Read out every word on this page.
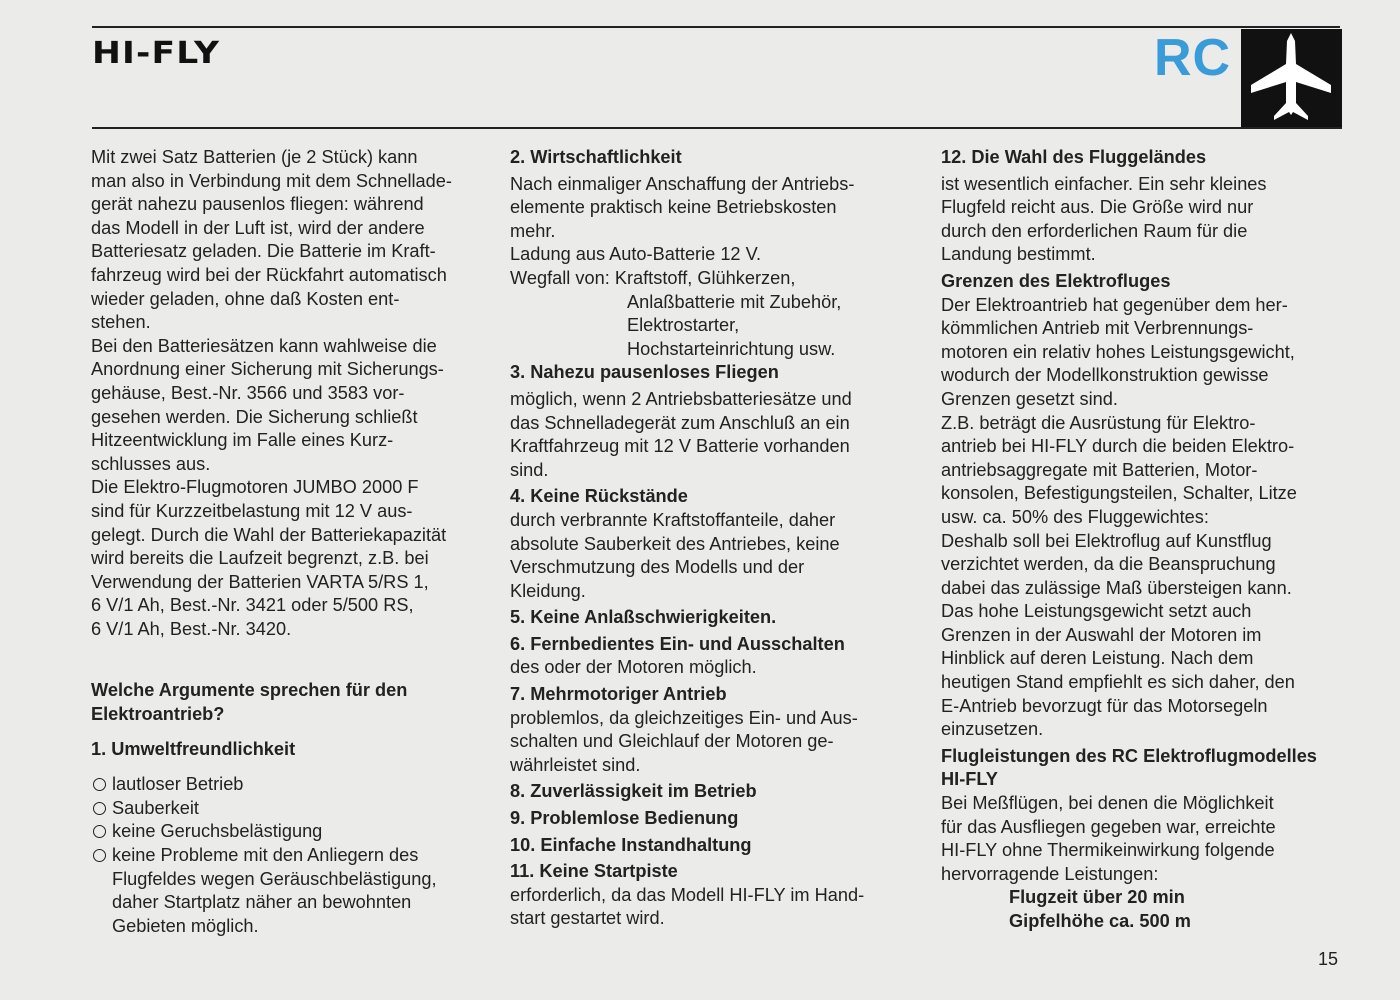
HI-FLY	RC

Mit zwei Satz Batterien (je 2 Stück) kann
man also in Verbindung mit dem Schnellade-
gerät nahezu pausenlos fliegen: während
das Modell in der Luft ist, wird der andere
Batteriesatz geladen. Die Batterie im Kraft-
fahrzeug wird bei der Rückfahrt automatisch
wieder geladen, ohne daß Kosten ent-
stehen.

Bei den Batteriesätzen kann wahlweise die
Anordnung einer Sicherung mit Sicherungs-
gehäuse, Best.-Nr. 3566 und 3583 vor-
gesehen werden. Die Sicherung schließt
Hitzeentwicklung im Falle eines Kurz-
schlusses aus.

Die Elektro-Flugmotoren JUMBO 2000 F
sind für Kurzzeitbelastung mit 12 V aus-
gelegt. Durch die Wahl der Batteriekapazität
wird bereits die Laufzeit begrenzt, z.B. bei
Verwendung der Batterien VARTA 5/RS 1,
6 V/1 Ah, Best.-Nr. 3421 oder 5/500 RS,
6 V/1 Ah, Best.-Nr. 3420.

Welche Argumente sprechen für den
Elektroantrieb?

1. Umweltfreundlichkeit

lautloser Betrieb
Sauberkeit
keine Geruchsbelästigung
keine Probleme mit den Anliegern des
Flugfeldes wegen Geräuschbelästigung,
daher Startplatz näher an bewohnten
Gebieten möglich.

2. Wirtschaftlichkeit

Nach einmaliger Anschaffung der Antriebs-
elemente praktisch keine Betriebskosten
mehr.
Ladung aus Auto-Batterie 12 V.

Wegfall von: Kraftstoff, Glühkerzen,

Anlaßbatterie mit Zubehör,
Elektrostarter,
Hochstarteinrichtung usw.

3. Nahezu pausenloses Fliegen

möglich, wenn 2 Antriebsbatteriesätze und
das Schnelladegerät zum Anschluß an ein
Kraftfahrzeug mit 12 V Batterie vorhanden
sind.

4. Keine Rückstände

durch verbrannte Kraftstoffanteile, daher
absolute Sauberkeit des Antriebes, keine
Verschmutzung des Modells und der
Kleidung.

5. Keine Anlaßschwierigkeiten.

6. Fernbedientes Ein- und Ausschalten

des oder der Motoren möglich.

7. Mehrmotoriger Antrieb

problemlos, da gleichzeitiges Ein- und Aus-
schalten und Gleichlauf der Motoren ge-
währleistet sind.

8. Zuverlässigkeit im Betrieb

9. Problemlose Bedienung

10. Einfache Instandhaltung

11. Keine Startpiste

erforderlich, da das Modell HI-FLY im Hand-
start gestartet wird.

12. Die Wahl des Fluggeländes

ist wesentlich einfacher. Ein sehr kleines
Flugfeld reicht aus. Die Größe wird nur
durch den erforderlichen Raum für die
Landung bestimmt.

Grenzen des Elektrofluges

Der Elektroantrieb hat gegenüber dem her-
kömmlichen Antrieb mit Verbrennungs-
motoren ein relativ hohes Leistungsgewicht,
wodurch der Modellkonstruktion gewisse
Grenzen gesetzt sind.

Z.B. beträgt die Ausrüstung für Elektro-
antrieb bei HI-FLY durch die beiden Elektro-
antriebsaggregate mit Batterien, Motor-
konsolen, Befestigungsteilen, Schalter, Litze
usw. ca. 50% des Fluggewichtes:

Deshalb soll bei Elektroflug auf Kunstflug
verzichtet werden, da die Beanspruchung
dabei das zulässige Maß übersteigen kann.
Das hohe Leistungsgewicht setzt auch
Grenzen in der Auswahl der Motoren im
Hinblick auf deren Leistung. Nach dem
heutigen Stand empfiehlt es sich daher, den
E-Antrieb bevorzugt für das Motorsegeln
einzusetzen.

Flugleistungen des RC Elektroflugmodelles
HI-FLY

Bei Meßflügen, bei denen die Möglichkeit
für das Ausfliegen gegeben war, erreichte
HI-FLY ohne Thermikeinwirkung folgende
hervorragende Leistungen:

Flugzeit über 20 min
Gipfelhöhe ca. 500 m

15
